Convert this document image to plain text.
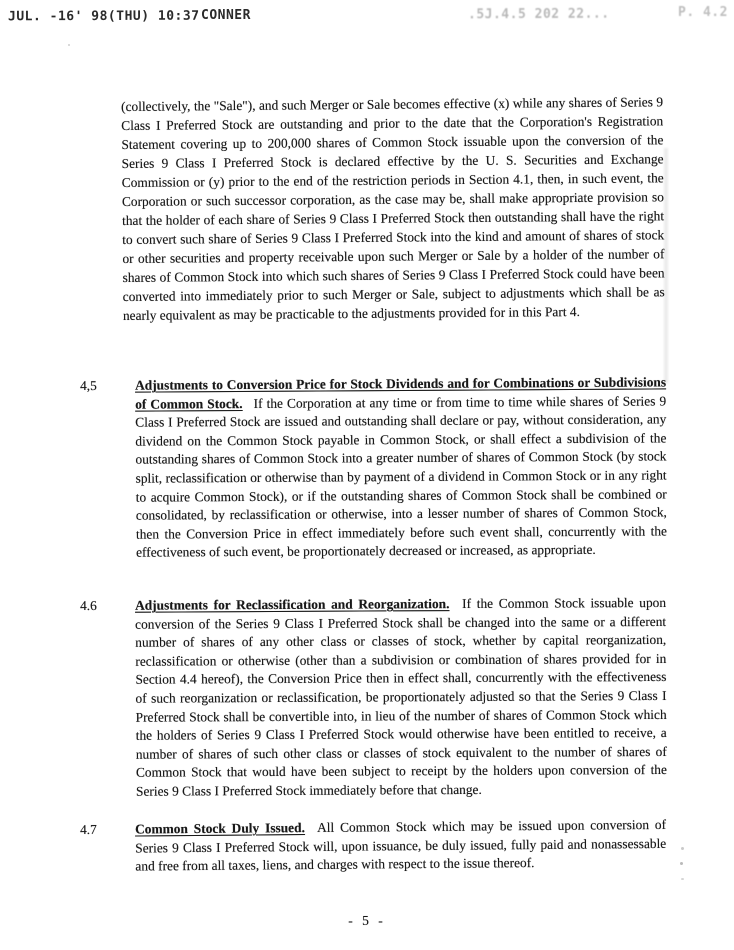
JUL. -16' 98(THU) 10:37 CONNER	.5J.4.5 202 22...	P. 4.2

(collectively, the "Sale"), and such Merger or Sale becomes effective (x) while any shares of Series 9 Class I Preferred Stock are outstanding and prior to the date that the Corporation's Registration Statement covering up to 200,000 shares of Common Stock issuable upon the conversion of the Series 9 Class I Preferred Stock is declared effective by the U. S. Securities and Exchange Commission or (y) prior to the end of the restriction periods in Section 4.1, then, in such event, the Corporation or such successor corporation, as the case may be, shall make appropriate provision so that the holder of each share of Series 9 Class I Preferred Stock then outstanding shall have the right to convert such share of Series 9 Class I Preferred Stock into the kind and amount of shares of stock or other securities and property receivable upon such Merger or Sale by a holder of the number of shares of Common Stock into which such shares of Series 9 Class I Preferred Stock could have been converted into immediately prior to such Merger or Sale, subject to adjustments which shall be as nearly equivalent as may be practicable to the adjustments provided for in this Part 4.

4,5	Adjustments to Conversion Price for Stock Dividends and for Combinations or Subdivisions of Common Stock. If the Corporation at any time or from time to time while shares of Series 9 Class I Preferred Stock are issued and outstanding shall declare or pay, without consideration, any dividend on the Common Stock payable in Common Stock, or shall effect a subdivision of the outstanding shares of Common Stock into a greater number of shares of Common Stock (by stock split, reclassification or otherwise than by payment of a dividend in Common Stock or in any right to acquire Common Stock), or if the outstanding shares of Common Stock shall be combined or consolidated, by reclassification or otherwise, into a lesser number of shares of Common Stock, then the Conversion Price in effect immediately before such event shall, concurrently with the effectiveness of such event, be proportionately decreased or increased, as appropriate.

4.6	Adjustments for Reclassification and Reorganization. If the Common Stock issuable upon conversion of the Series 9 Class I Preferred Stock shall be changed into the same or a different number of shares of any other class or classes of stock, whether by capital reorganization, reclassification or otherwise (other than a subdivision or combination of shares provided for in Section 4.4 hereof), the Conversion Price then in effect shall, concurrently with the effectiveness of such reorganization or reclassification, be proportionately adjusted so that the Series 9 Class I Preferred Stock shall be convertible into, in lieu of the number of shares of Common Stock which the holders of Series 9 Class I Preferred Stock would otherwise have been entitled to receive, a number of shares of such other class or classes of stock equivalent to the number of shares of Common Stock that would have been subject to receipt by the holders upon conversion of the Series 9 Class I Preferred Stock immediately before that change.

4.7	Common Stock Duly Issued. All Common Stock which may be issued upon conversion of Series 9 Class I Preferred Stock will, upon issuance, be duly issued, fully paid and nonassessable and free from all taxes, liens, and charges with respect to the issue thereof.

- 5 -
